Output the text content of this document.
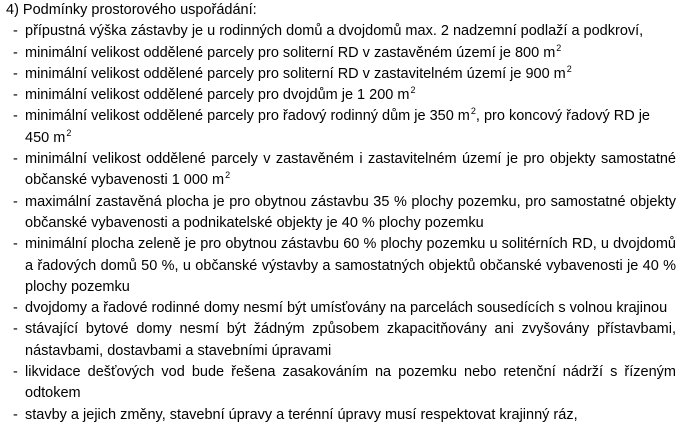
4) Podmínky prostorového uspořádání:
- přípustná výška zástavby je u rodinných domů a dvojdomů max. 2 nadzemní podlaží a podkroví,
- minimální velikost oddělené parcely pro soliterní RD v zastavěném území je 800 $m^2$
- minimální velikost oddělené parcely pro soliterní RD v zastavitelném území je 900 $m^2$
- minimální velikost oddělené parcely pro dvojdům je 1 200 $m^2$
- minimální velikost oddělené parcely pro řadový rodinný dům je 350 $m^2$, pro koncový řadový RD je 450 $m^2$
- minimální velikost oddělené parcely v zastavěném i zastavitelném území je pro objekty samostatné občanské vybavenosti 1 000 $m^2$
- maximální zastavěná plocha je pro obytnou zástavbu 35 % plochy pozemku, pro samostatné objekty občanské vybavenosti a podnikatelské objekty je 40 % plochy pozemku
- minimální plocha zeleně je pro obytnou zástavbu 60 % plochy pozemku u solitérních RD, u dvojdomů a řadových domů 50 %, u občanské výstavby a samostatných objektů občanské vybavenosti je 40 % plochy pozemku
- dvojdomy a řadové rodinné domy nesmí být umísťovány na parcelách sousedících s volnou krajinou
- stávající bytové domy nesmí být žádným způsobem zkapacitňovány ani zvyšovány přístavbami, nástavbami, dostavbami a stavebními úpravami
- likvidace dešťových vod bude řešena zasakováním na pozemku nebo retenční nádrží s řízeným odtokem
- stavby a jejich změny, stavební úpravy a terénní úpravy musí respektovat krajinný ráz,
